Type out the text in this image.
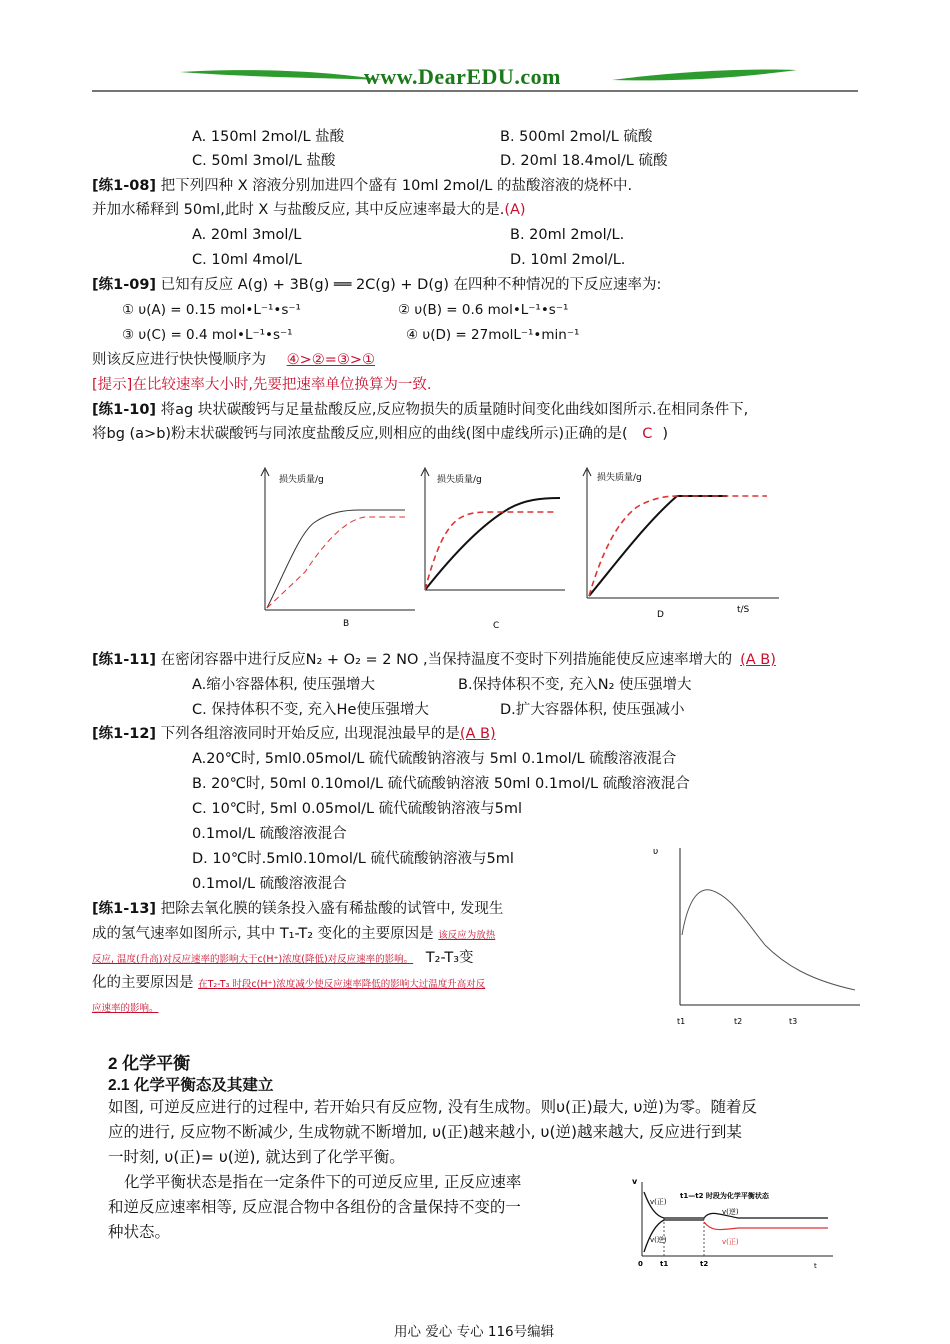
www.DearEDU.com
A. 150ml 2mol/L 盐酸	B. 500ml 2mol/L 硫酸
C. 50ml 3mol/L 盐酸	D. 20ml 18.4mol/L 硫酸
[练1-08] 把下列四种 X 溶液分别加进四个盛有 10ml 2mol/L 的盐酸溶液的烧杯中.
并加水稀释到 50ml,此时 X 与盐酸反应, 其中反应速率最大的是.(A)
A. 20ml 3mol/L	B. 20ml 2mol/L.
C. 10ml 4mol/L	D. 10ml 2mol/L.
[练1-09] 已知有反应 A(g) + 3B(g) ══ 2C(g) + D(g) 在四种不种情况的下反应速率为:
① υ(A) = 0.15 mol•L⁻¹•s⁻¹	② υ(B) = 0.6 mol•L⁻¹•s⁻¹
③ υ(C) = 0.4 mol•L⁻¹•s⁻¹	④ υ(D) = 27molL⁻¹•min⁻¹
则该反应进行快快慢顺序为 ④>②=③>①
[提示]在比较速率大小时,先要把速率单位换算为一致.
[练1-10] 将ag 块状碳酸钙与足量盐酸反应,反应物损失的质量随时间变化曲线如图所示.在相同条件下,
将bg (a>b)粉末状碳酸钙与同浓度盐酸反应,则相应的曲线(图中虚线所示)正确的是( C )
损失质量/g
B
损失质量/g
C
损失质量/g
D	t/S
[练1-11] 在密闭容器中进行反应N₂ + O₂ = 2 NO ,当保持温度不变时下列措施能使反应速率增大的 (A B)
A.缩小容器体积, 使压强增大	B.保持体积不变, 充入N₂ 使压强增大
C. 保持体积不变, 充入He使压强增大	D.扩大容器体积, 使压强减小
[练1-12] 下列各组溶液同时开始反应, 出现混浊最早的是(A B)
A.20℃时, 5ml0.05mol/L 硫代硫酸钠溶液与 5ml 0.1mol/L 硫酸溶液混合
B. 20℃时, 50ml 0.10mol/L 硫代硫酸钠溶液 50ml 0.1mol/L 硫酸溶液混合
C. 10℃时, 5ml 0.05mol/L 硫代硫酸钠溶液与5ml
0.1mol/L 硫酸溶液混合
D. 10℃时.5ml0.10mol/L 硫代硫酸钠溶液与5ml
0.1mol/L 硫酸溶液混合
[练1-13] 把除去氧化膜的镁条投入盛有稀盐酸的试管中, 发现生
成的氢气速率如图所示, 其中 T₁-T₂ 变化的主要原因是 该反应为放热
反应, 温度(升高)对反应速率的影响大于c(H⁺)浓度(降低)对反应速率的影响。 T₂-T₃变
化的主要原因是 在T₂-T₃ 时段c(H⁺)浓度减少使反应速率降低的影响大过温度升高对反
应速率的影响。
υ
t1	t2	t3
2 化学平衡
2.1 化学平衡态及其建立
如图, 可逆反应进行的过程中, 若开始只有反应物, 没有生成物。则υ(正)最大, υ逆)为零。随着反
应的进行, 反应物不断减少, 生成物就不断增加, υ(正)越来越小, υ(逆)越来越大, 反应进行到某
一时刻, υ(正)= υ(逆), 就达到了化学平衡。
化学平衡状态是指在一定条件下的可逆反应里, 正反应速率
和逆反应速率相等, 反应混合物中各组份的含量保持不变的一
种状态。
v
t1—t2 时段为化学平衡状态
v(正)
v(逆)
v(逆)
v(正)
0 t1	t2	t
用心 爱心 专心 116号编辑
